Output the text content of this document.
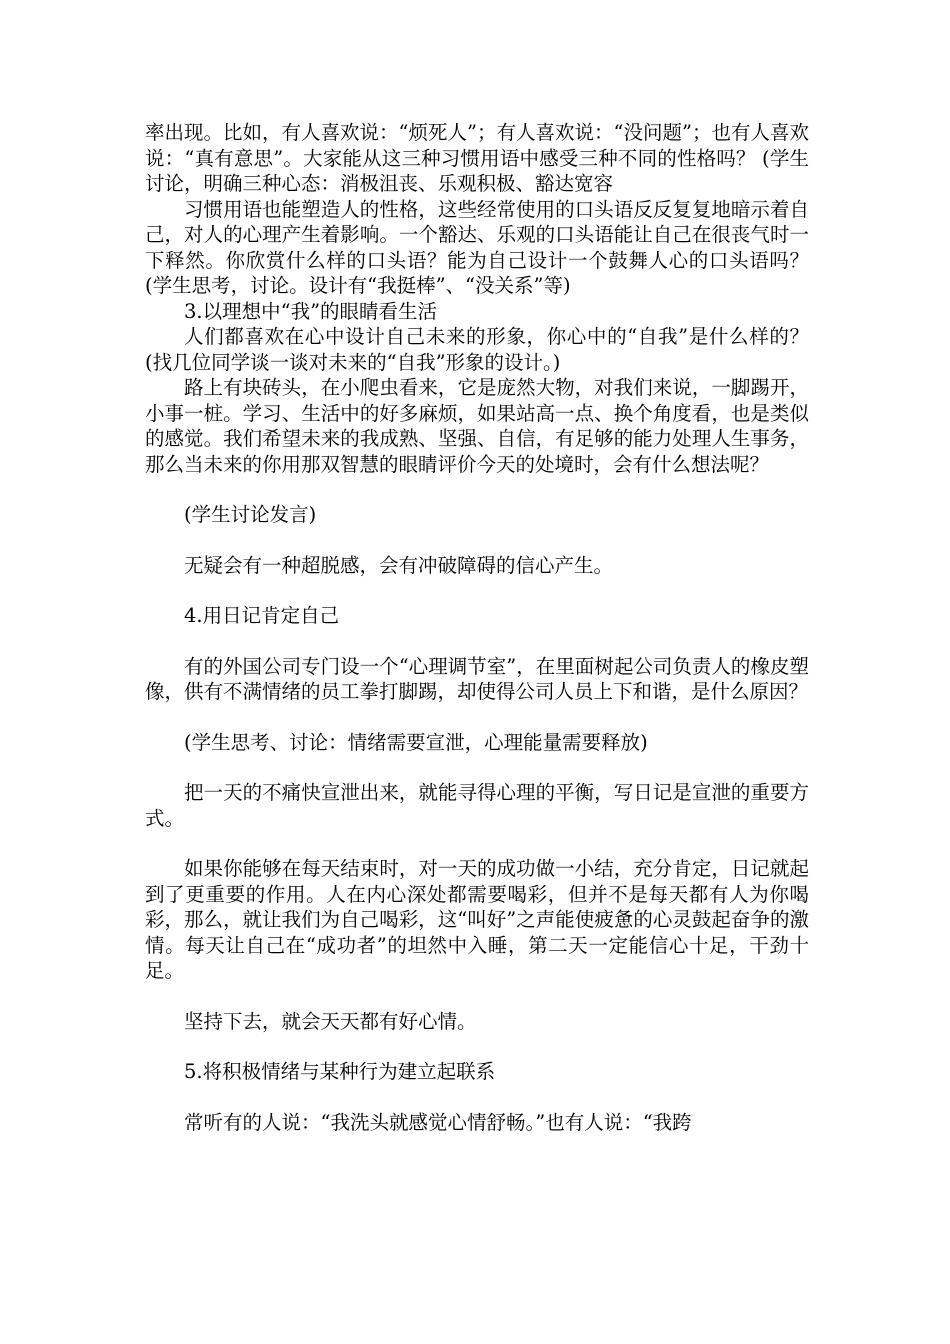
率出现。比如，有人喜欢说：“烦死人”；有人喜欢说：“没问题”；也有人喜欢说：“真有意思”。大家能从这三种习惯用语中感受三种不同的性格吗？ (学生讨论，明确三种心态：消极沮丧、乐观积极、豁达宽容

习惯用语也能塑造人的性格，这些经常使用的口头语反反复复地暗示着自己，对人的心理产生着影响。一个豁达、乐观的口头语能让自己在很丧气时一下释然。你欣赏什么样的口头语？能为自己设计一个鼓舞人心的口头语吗？ (学生思考，讨论。设计有“我挺棒”、“没关系”等)

3.以理想中“我”的眼睛看生活

人们都喜欢在心中设计自己未来的形象，你心中的“自我”是什么样的？ (找几位同学谈一谈对未来的“自我”形象的设计。)

路上有块砖头，在小爬虫看来，它是庞然大物，对我们来说，一脚踢开，小事一桩。学习、生活中的好多麻烦，如果站高一点、换个角度看，也是类似的感觉。我们希望未来的我成熟、坚强、自信，有足够的能力处理人生事务，那么当未来的你用那双智慧的眼睛评价今天的处境时，会有什么想法呢？

(学生讨论发言)

无疑会有一种超脱感，会有冲破障碍的信心产生。

4.用日记肯定自己

有的外国公司专门设一个“心理调节室”，在里面树起公司负责人的橡皮塑像，供有不满情绪的员工拳打脚踢，却使得公司人员上下和谐，是什么原因？

(学生思考、讨论：情绪需要宣泄，心理能量需要释放)

把一天的不痛快宣泄出来，就能寻得心理的平衡，写日记是宣泄的重要方式。

如果你能够在每天结束时，对一天的成功做一小结，充分肯定，日记就起到了更重要的作用。人在内心深处都需要喝彩，但并不是每天都有人为你喝彩，那么，就让我们为自己喝彩，这“叫好”之声能使疲惫的心灵鼓起奋争的激情。每天让自己在“成功者”的坦然中入睡，第二天一定能信心十足，干劲十足。

坚持下去，就会天天都有好心情。

5.将积极情绪与某种行为建立起联系

常听有的人说：“我洗头就感觉心情舒畅。”也有人说：“我跨
